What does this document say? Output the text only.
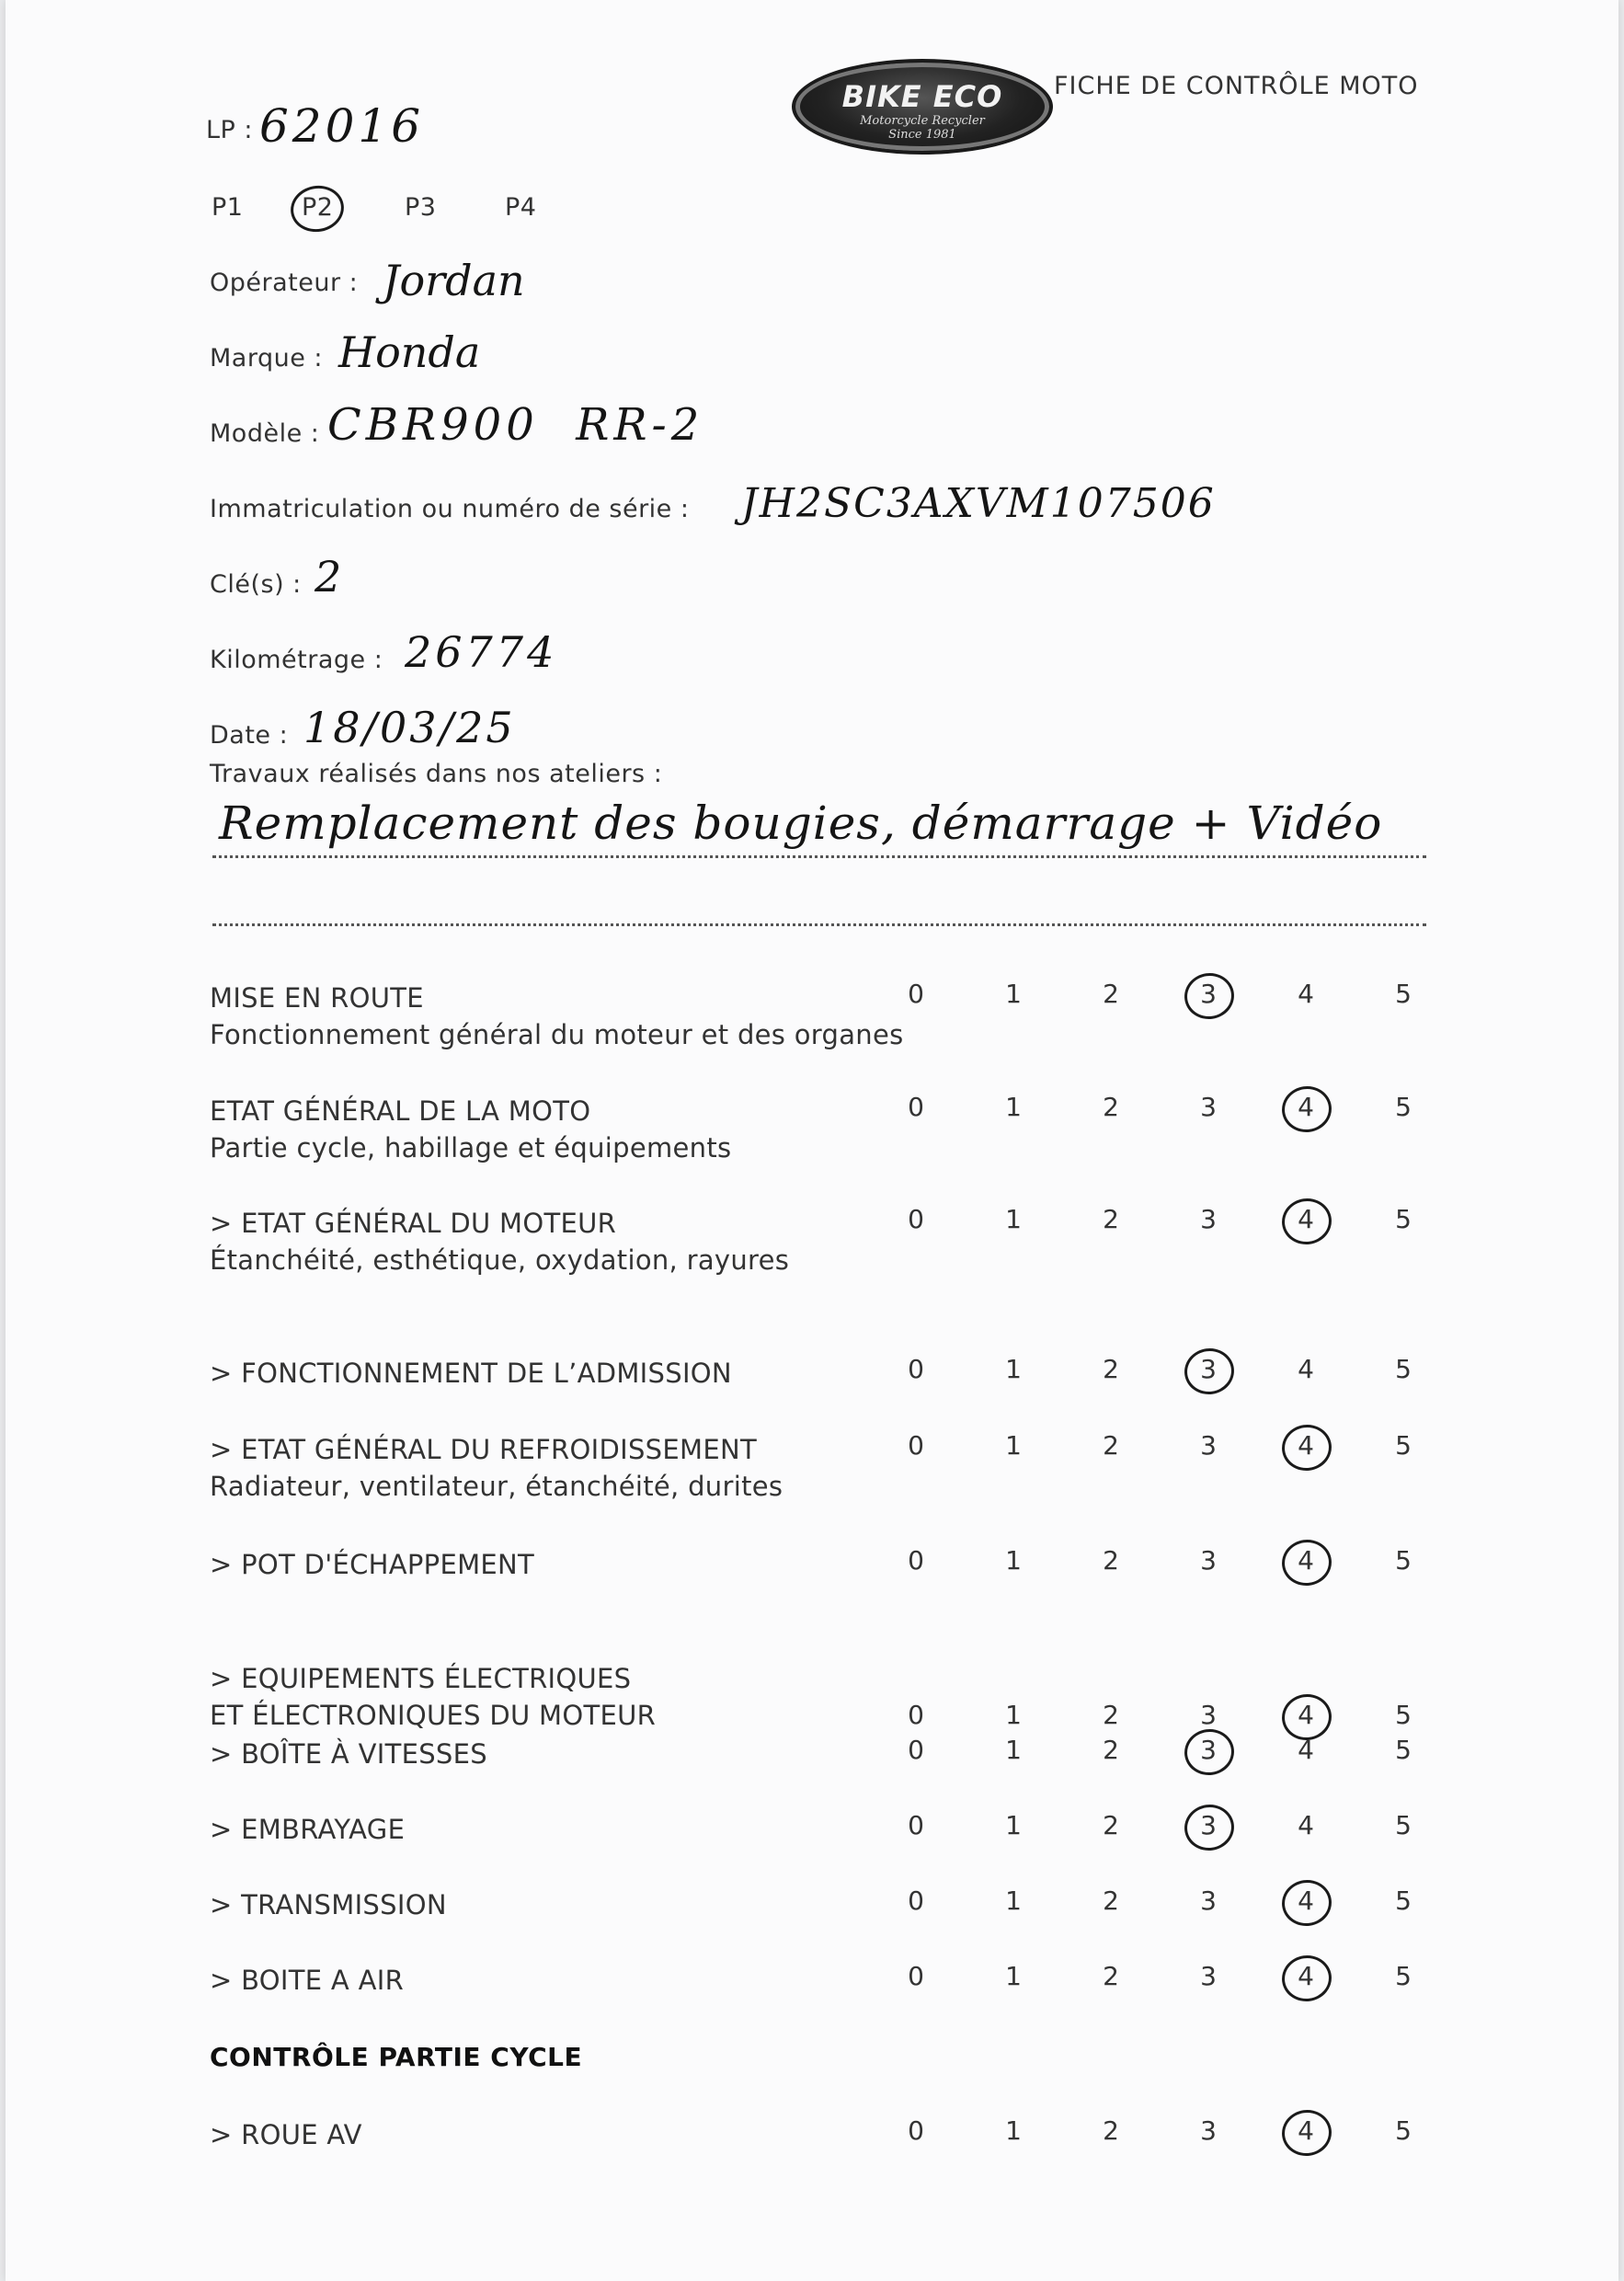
BIKE ECO
Motorcycle Recycler
Since 1981
FICHE DE CONTRÔLE MOTO
LP : 62016
P1 P2	P3	P4
Opérateur : Jordan
Marque : Honda
Modèle : CBR900  RR-2
Immatriculation ou numéro de série : JH2SC3AXVM107506
Clé(s) : 2
Kilométrage : 26774
Date : 18/03/25
Travaux réalisés dans nos ateliers :
Remplacement des bougies, démarrage + Vidéo
MISE EN ROUTE
Fonctionnement général du moteur et des organes
0	1	2	3	4	5
ETAT GÉNÉRAL DE LA MOTO
Partie cycle, habillage et équipements
0	1	2	3	4	5
> ETAT GÉNÉRAL DU MOTEUR
Étanchéité, esthétique, oxydation, rayures
0	1	2	3	4	5
> FONCTIONNEMENT DE L’ADMISSION	0	1	2	3	4	5
> ETAT GÉNÉRAL DU REFROIDISSEMENT
Radiateur, ventilateur, étanchéité, durites
0	1	2	3	4	5
> POT D'ÉCHAPPEMENT	0	1	2	3	4	5
> EQUIPEMENTS ÉLECTRIQUES
ET ÉLECTRONIQUES DU MOTEUR	0	1	2	3	4	5
> BOÎTE À VITESSES	0	1	2	3	4	5
> EMBRAYAGE	0	1	2	3	4	5
> TRANSMISSION	0	1	2	3	4	5
> BOITE A AIR	0	1	2	3	4	5
CONTRÔLE PARTIE CYCLE
> ROUE AV	0	1	2	3	4	5
